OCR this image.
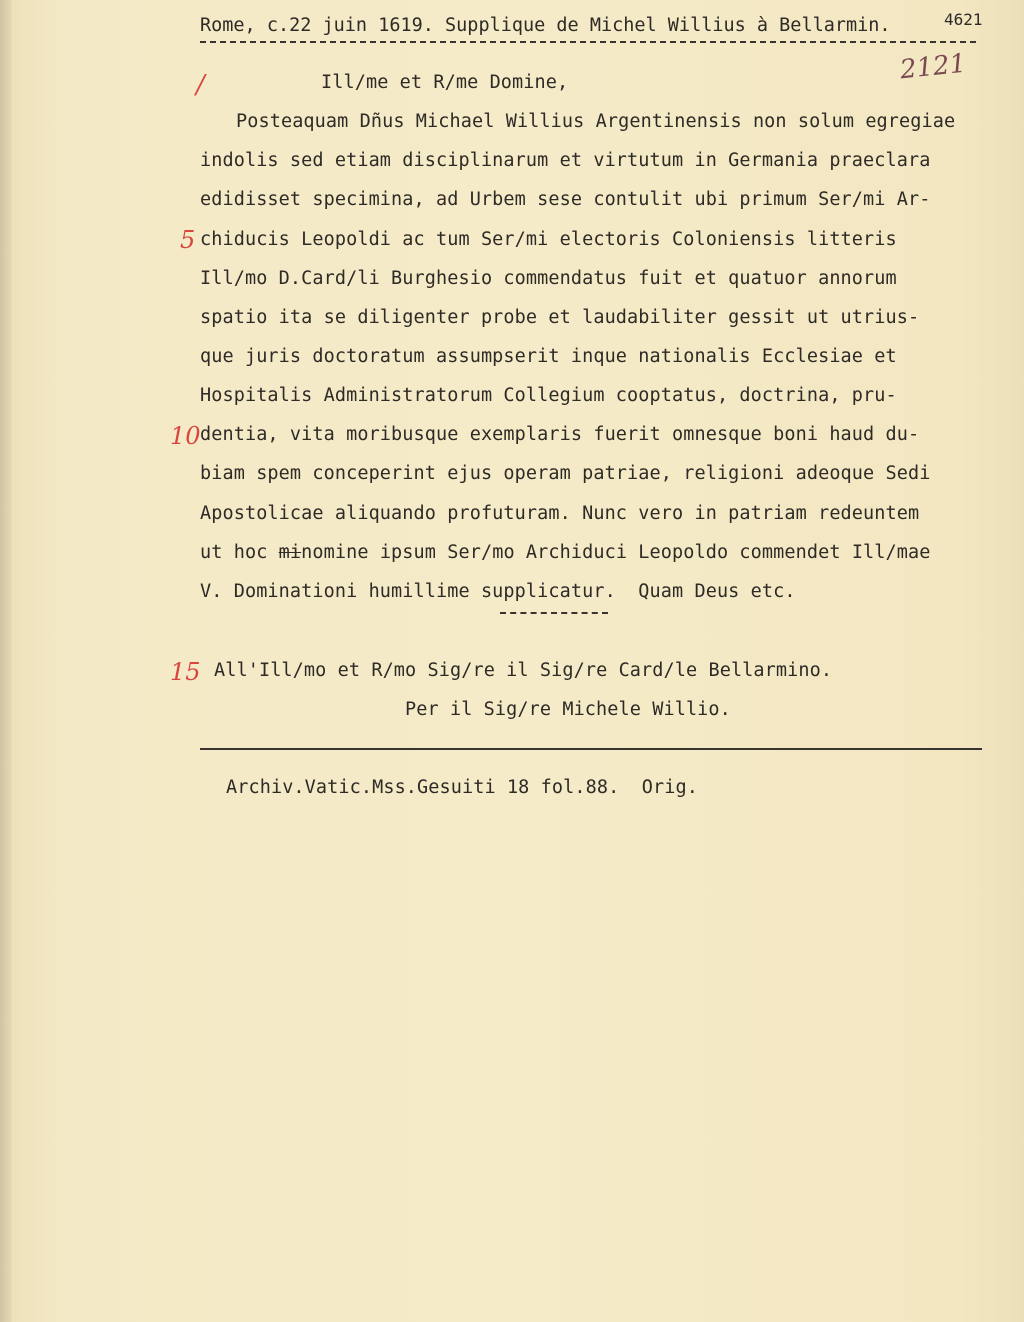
Rome, c.22 juin 1619. Supplique de Michel Willius à Bellarmin.	4621
2121
/
5
10
15
Ill/me et R/me Domine,
Posteaquam Dñus Michael Willius Argentinensis non solum egregiae
indolis sed etiam disciplinarum et virtutum in Germania praeclara
edidisset specimina, ad Urbem sese contulit ubi primum Ser/mi Ar-
chiducis Leopoldi ac tum Ser/mi electoris Coloniensis litteris
Ill/mo D.Card/li Burghesio commendatus fuit et quatuor annorum
spatio ita se diligenter probe et laudabiliter gessit ut utrius-
que juris doctoratum assumpserit inque nationalis Ecclesiae et
Hospitalis Administratorum Collegium cooptatus, doctrina, pru-
dentia, vita moribusque exemplaris fuerit omnesque boni haud du-
biam spem conceperint ejus operam patriae, religioni adeoque Sedi
Apostolicae aliquando profuturam. Nunc vero in patriam redeuntem
ut hoc minomine ipsum Ser/mo Archiduci Leopoldo commendet Ill/mae
V. Dominationi humillime supplicatur.  Quam Deus etc.
All'Ill/mo et R/mo Sig/re il Sig/re Card/le Bellarmino.
Per il Sig/re Michele Willio.
Archiv.Vatic.Mss.Gesuiti 18 fol.88.  Orig.
